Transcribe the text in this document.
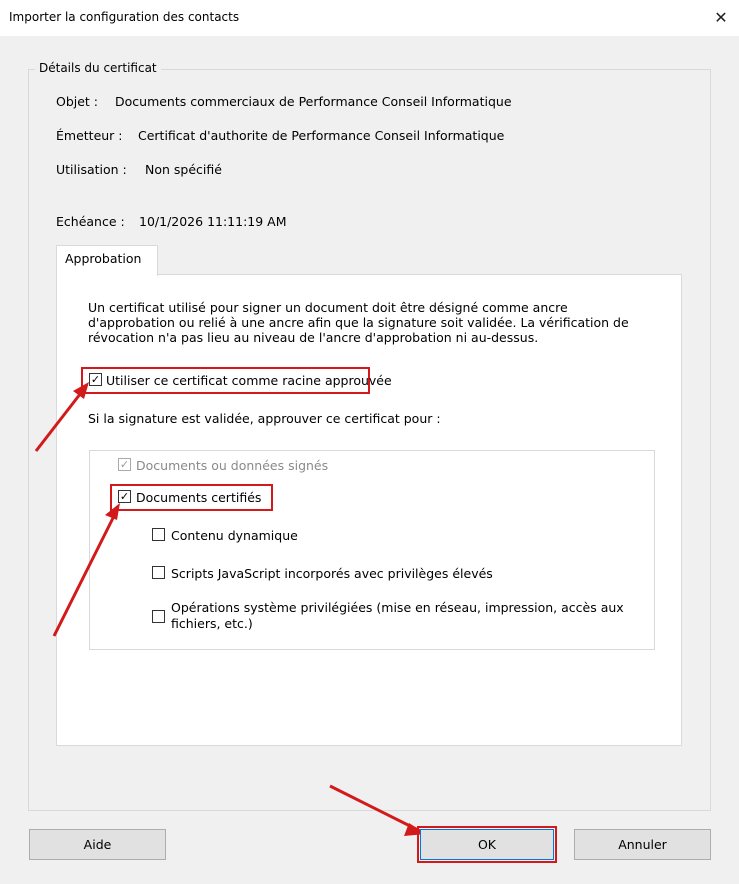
Importer la configuration des contacts	✕
Détails du certificat
Objet : Documents commerciaux de Performance Conseil Informatique
Émetteur : Certificat d'authorite de Performance Conseil Informatique
Utilisation : Non spécifié
Echéance : 10/1/2026 11:11:19 AM
Approbation
Un certificat utilisé pour signer un document doit être désigné comme ancre d'approbation ou relié à une ancre afin que la signature soit validée. La vérification de révocation n'a pas lieu au niveau de l'ancre d'approbation ni au-dessus.
✓ Utiliser ce certificat comme racine approuvée
Si la signature est validée, approuver ce certificat pour :
✓ Documents ou données signés
✓ Documents certifiés
Contenu dynamique
Scripts JavaScript incorporés avec privilèges élevés
Opérations système privilégiées (mise en réseau, impression, accès aux fichiers, etc.)
Aide	OK	Annuler
